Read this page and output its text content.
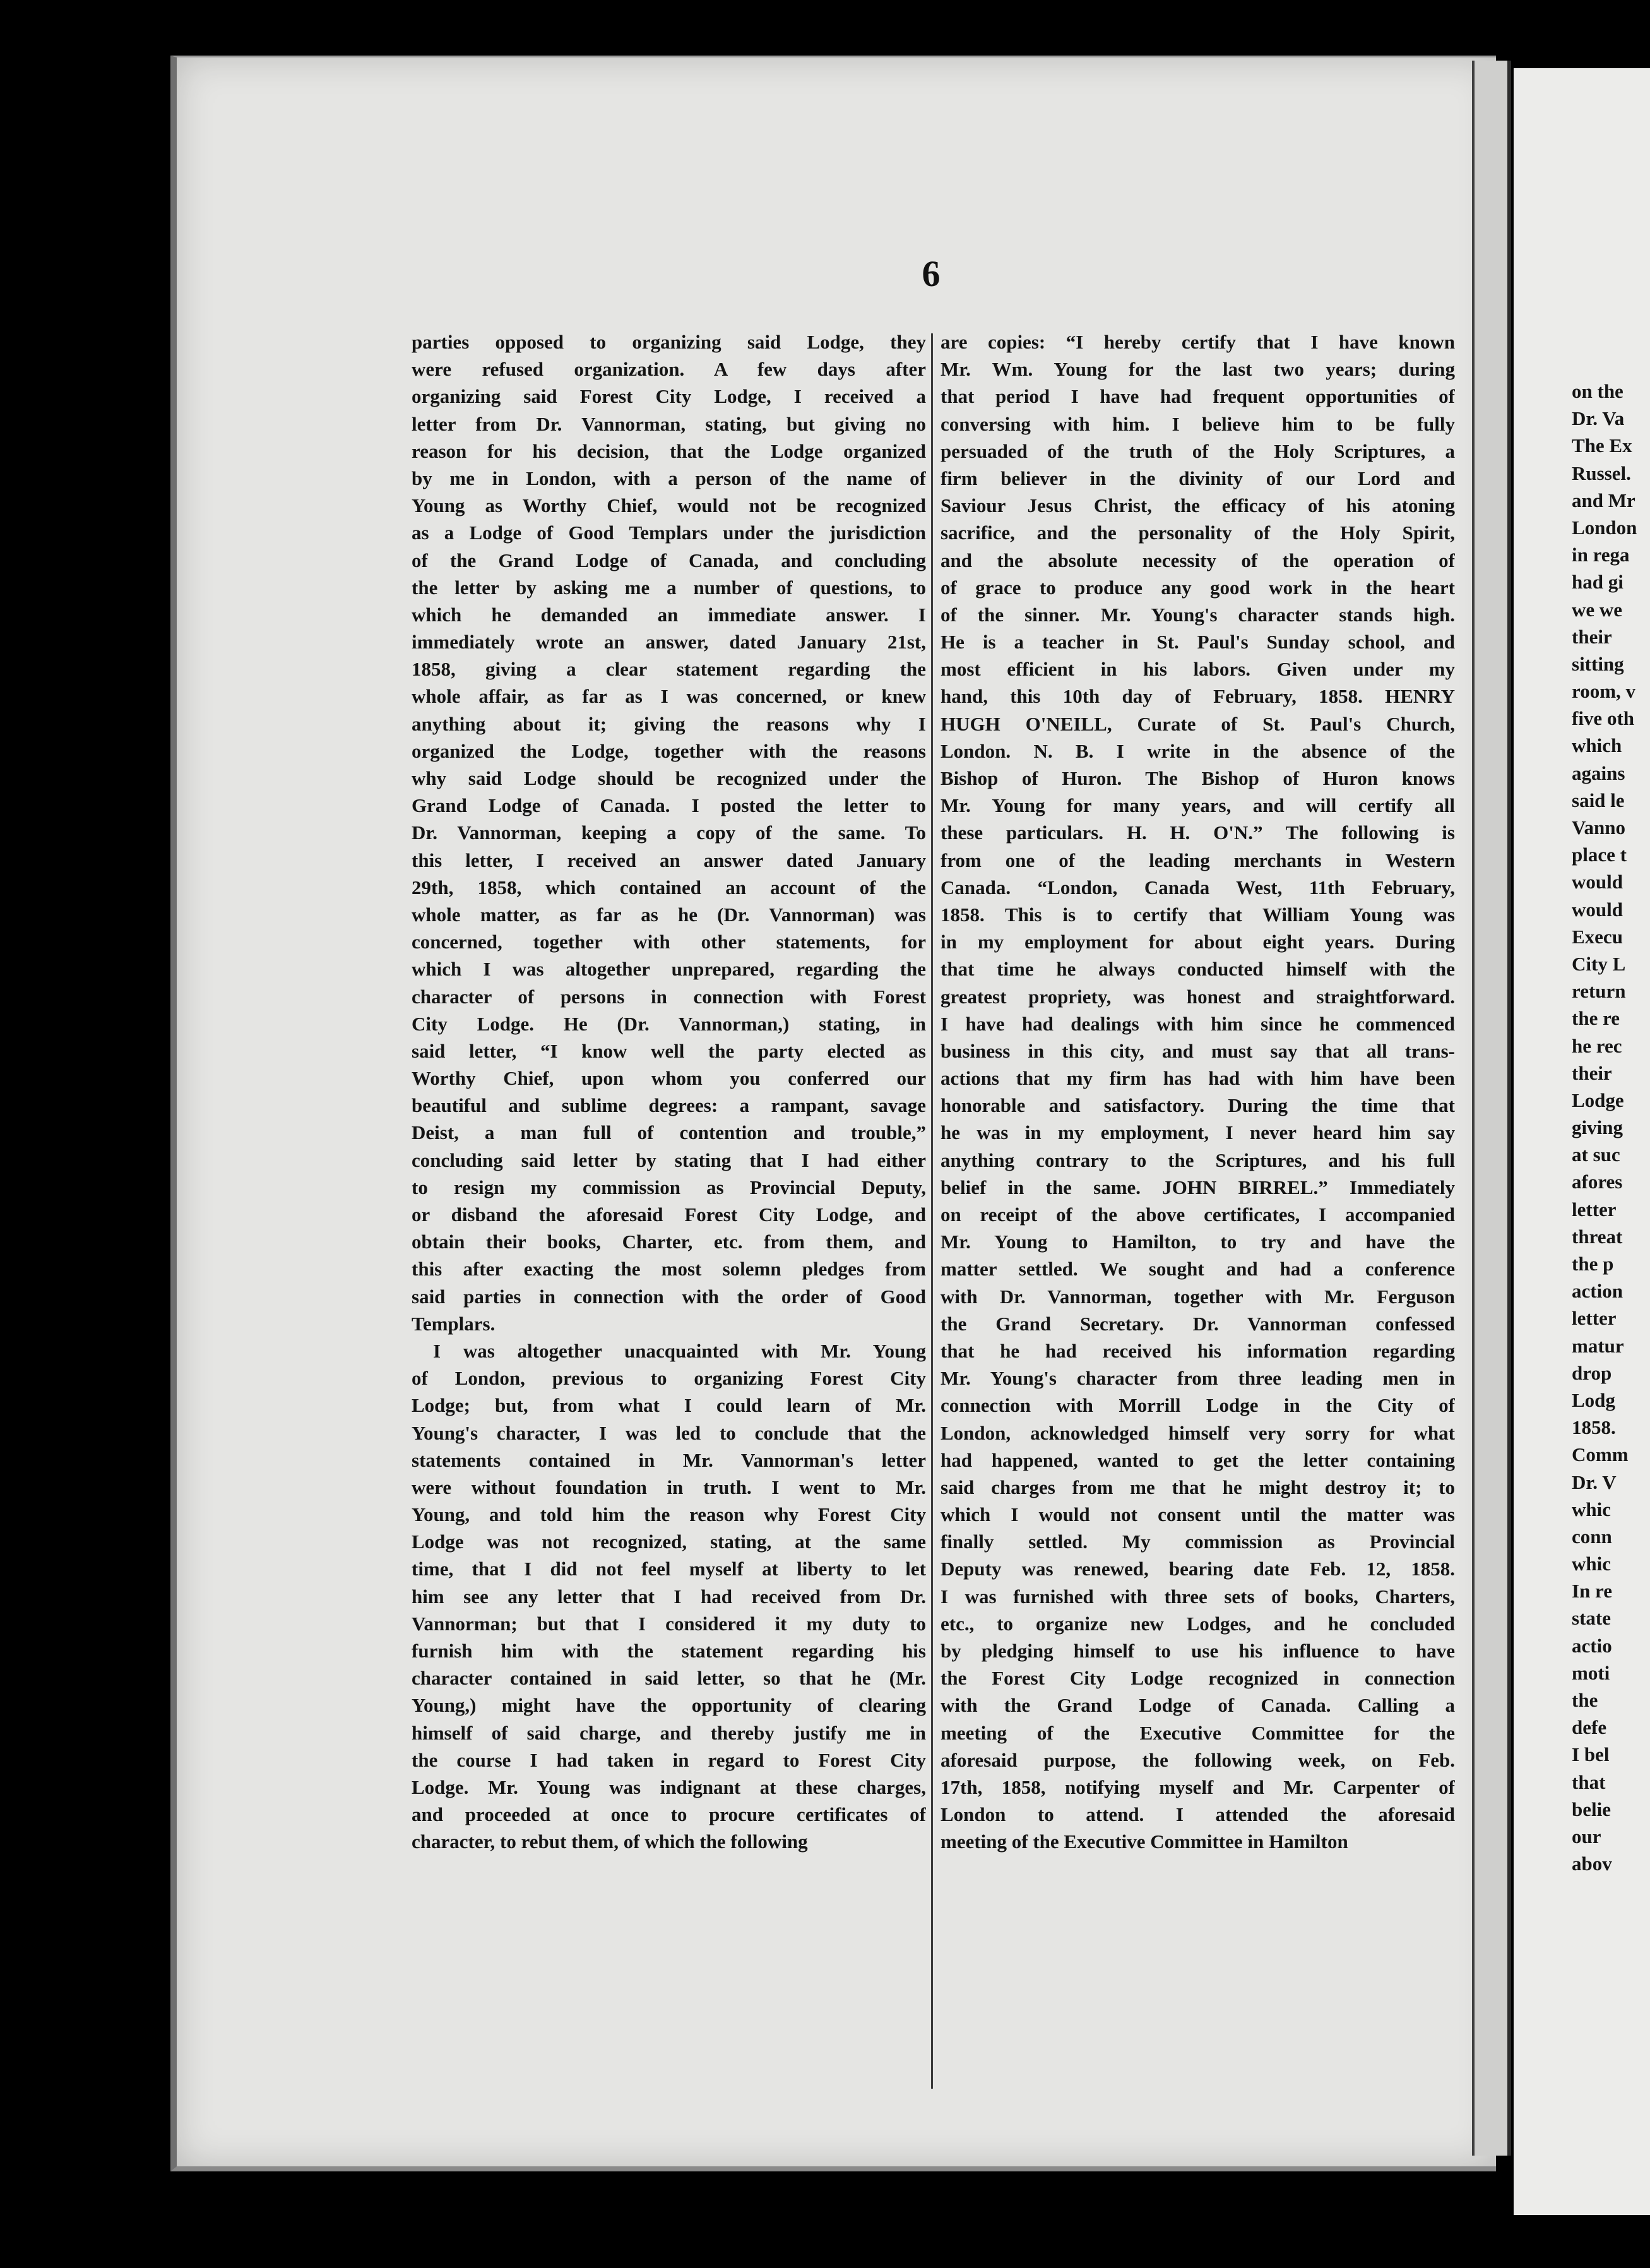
on the
Dr. Va
The Ex
Russel.
and Mr
London
in rega
had gi
we we
their
sitting
room, v
five oth
which
agains
said le
Vanno
place t
would
would
Execu
City L
return
the re
he rec
their
Lodge
giving
at suc
afores
letter
threat
the p
action
letter
matur
drop
Lodg
1858.
Comm
Dr. V
whic
conn
whic
In re
state
actio
moti
the
defe
I bel
that
belie
our
abov
6
parties opposed to organizing said Lodge, they
were refused organization. A few days after
organizing said Forest City Lodge, I received a
letter from Dr. Vannorman, stating, but giving no
reason for his decision, that the Lodge organized
by me in London, with a person of the name of
Young as Worthy Chief, would not be recognized
as a Lodge of Good Templars under the jurisdiction
of the Grand Lodge of Canada, and concluding
the letter by asking me a number of questions, to
which he demanded an immediate answer. I
immediately wrote an answer, dated January 21st,
1858, giving a clear statement regarding the
whole affair, as far as I was concerned, or knew
anything about it; giving the reasons why I
organized the Lodge, together with the reasons
why said Lodge should be recognized under the
Grand Lodge of Canada. I posted the letter to
Dr. Vannorman, keeping a copy of the same. To
this letter, I received an answer dated January
29th, 1858, which contained an account of the
whole matter, as far as he (Dr. Vannorman) was
concerned, together with other statements, for
which I was altogether unprepared, regarding the
character of persons in connection with Forest
City Lodge. He (Dr. Vannorman,) stating, in
said letter, “I know well the party elected as
Worthy Chief, upon whom you conferred our
beautiful and sublime degrees: a rampant, savage
Deist, a man full of contention and trouble,”
concluding said letter by stating that I had either
to resign my commission as Provincial Deputy,
or disband the aforesaid Forest City Lodge, and
obtain their books, Charter, etc. from them, and
this after exacting the most solemn pledges from
said parties in connection with the order of Good
Templars.
I was altogether unacquainted with Mr. Young
of London, previous to organizing Forest City
Lodge; but, from what I could learn of Mr.
Young's character, I was led to conclude that the
statements contained in Mr. Vannorman's letter
were without foundation in truth. I went to Mr.
Young, and told him the reason why Forest City
Lodge was not recognized, stating, at the same
time, that I did not feel myself at liberty to let
him see any letter that I had received from Dr.
Vannorman; but that I considered it my duty to
furnish him with the statement regarding his
character contained in said letter, so that he (Mr.
Young,) might have the opportunity of clearing
himself of said charge, and thereby justify me in
the course I had taken in regard to Forest City
Lodge. Mr. Young was indignant at these charges,
and proceeded at once to procure certificates of
character, to rebut them, of which the following
are copies: “I hereby certify that I have known
Mr. Wm. Young for the last two years; during
that period I have had frequent opportunities of
conversing with him. I believe him to be fully
persuaded of the truth of the Holy Scriptures, a
firm believer in the divinity of our Lord and
Saviour Jesus Christ, the efficacy of his atoning
sacrifice, and the personality of the Holy Spirit,
and the absolute necessity of the operation of
of grace to produce any good work in the heart
of the sinner. Mr. Young's character stands high.
He is a teacher in St. Paul's Sunday school, and
most efficient in his labors. Given under my
hand, this 10th day of February, 1858. HENRY
HUGH O'NEILL, Curate of St. Paul's Church,
London. N. B. I write in the absence of the
Bishop of Huron. The Bishop of Huron knows
Mr. Young for many years, and will certify all
these particulars. H. H. O'N.” The following is
from one of the leading merchants in Western
Canada. “London, Canada West, 11th February,
1858. This is to certify that William Young was
in my employment for about eight years. During
that time he always conducted himself with the
greatest propriety, was honest and straightforward.
I have had dealings with him since he commenced
business in this city, and must say that all trans-
actions that my firm has had with him have been
honorable and satisfactory. During the time that
he was in my employment, I never heard him say
anything contrary to the Scriptures, and his full
belief in the same. JOHN BIRREL.” Immediately
on receipt of the above certificates, I accompanied
Mr. Young to Hamilton, to try and have the
matter settled. We sought and had a conference
with Dr. Vannorman, together with Mr. Ferguson
the Grand Secretary. Dr. Vannorman confessed
that he had received his information regarding
Mr. Young's character from three leading men in
connection with Morrill Lodge in the City of
London, acknowledged himself very sorry for what
had happened, wanted to get the letter containing
said charges from me that he might destroy it; to
which I would not consent until the matter was
finally settled. My commission as Provincial
Deputy was renewed, bearing date Feb. 12, 1858.
I was furnished with three sets of books, Charters,
etc., to organize new Lodges, and he concluded
by pledging himself to use his influence to have
the Forest City Lodge recognized in connection
with the Grand Lodge of Canada. Calling a
meeting of the Executive Committee for the
aforesaid purpose, the following week, on Feb.
17th, 1858, notifying myself and Mr. Carpenter of
London to attend. I attended the aforesaid
meeting of the Executive Committee in Hamilton
